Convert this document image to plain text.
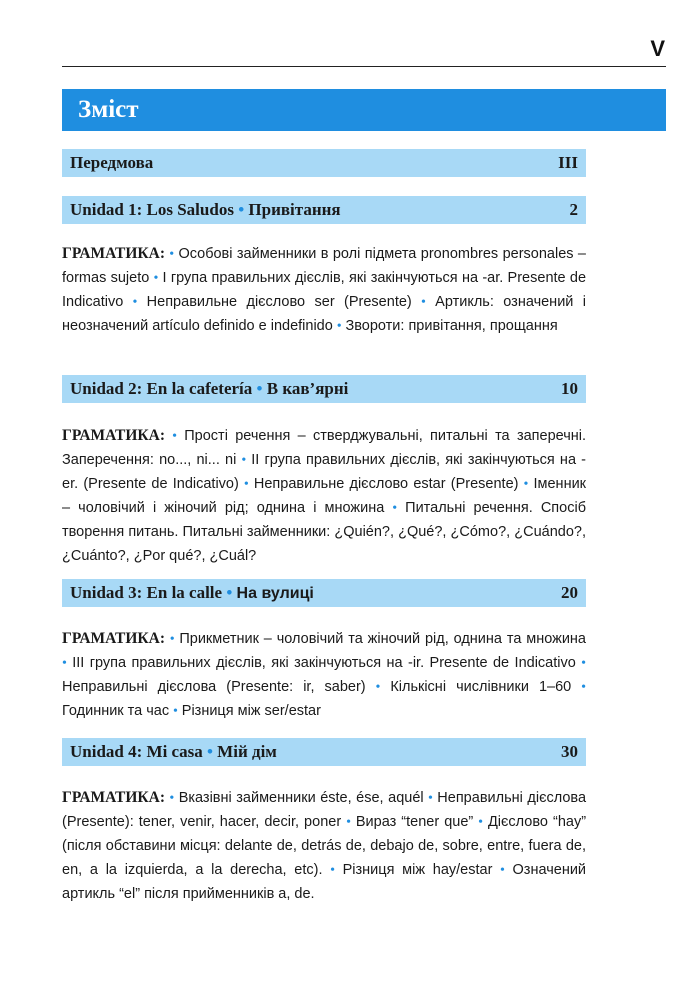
V
Зміст
Передмова	III
Unidad 1: Los Saludos • Привітання	2
ГРАМАТИКА: • Особові займенники в ролі підмета pronombres personales – formas sujeto • I група правильних дієслів, які закінчуються на -ar. Presente de Indicativo • Неправильне дієслово ser (Presente) • Артикль: означений і неозначений artículo definido e indefinido • Звороти: привітання, прощання
Unidad 2: En la cafetería • В кав’ярні	10
ГРАМАТИКА: • Прості речення – стверджувальні, питальні та заперечні. Заперечення: no..., ni... ni • II група правильних дієслів, які закінчуються на -er. (Presente de Indicativo) • Неправильне дієслово estar (Presente) • Іменник – чоловічий і жіночий рід; однина і множина • Питальні речення. Спосіб творення питань. Питальні займенники: ¿Quién?, ¿Qué?, ¿Cómo?, ¿Cuándo?, ¿Cuánto?, ¿Por qué?, ¿Cuál?
Unidad 3: En la calle • На вулиці	20
ГРАМАТИКА: • Прикметник – чоловічий та жіночий рід, однина та множина • III група правильних дієслів, які закінчуються на -ir. Presente de Indicativo • Неправильні дієслова (Presente: ir, saber) • Кількісні числівники 1–60 • Годинник та час • Різниця між ser/estar
Unidad 4: Mi casa • Мій дім	30
ГРАМАТИКА: • Вказівні займенники éste, ése, aquél • Неправильні дієслова (Presente): tener, venir, hacer, decir, poner • Вираз “tener que” • Дієслово “hay” (після обставини місця: delante de, detrás de, debajo de, sobre, entre, fuera de, en, a la izquierda, a la derecha, etc). • Різниця між hay/estar • Означений артикль “el” після прийменників a, de.
